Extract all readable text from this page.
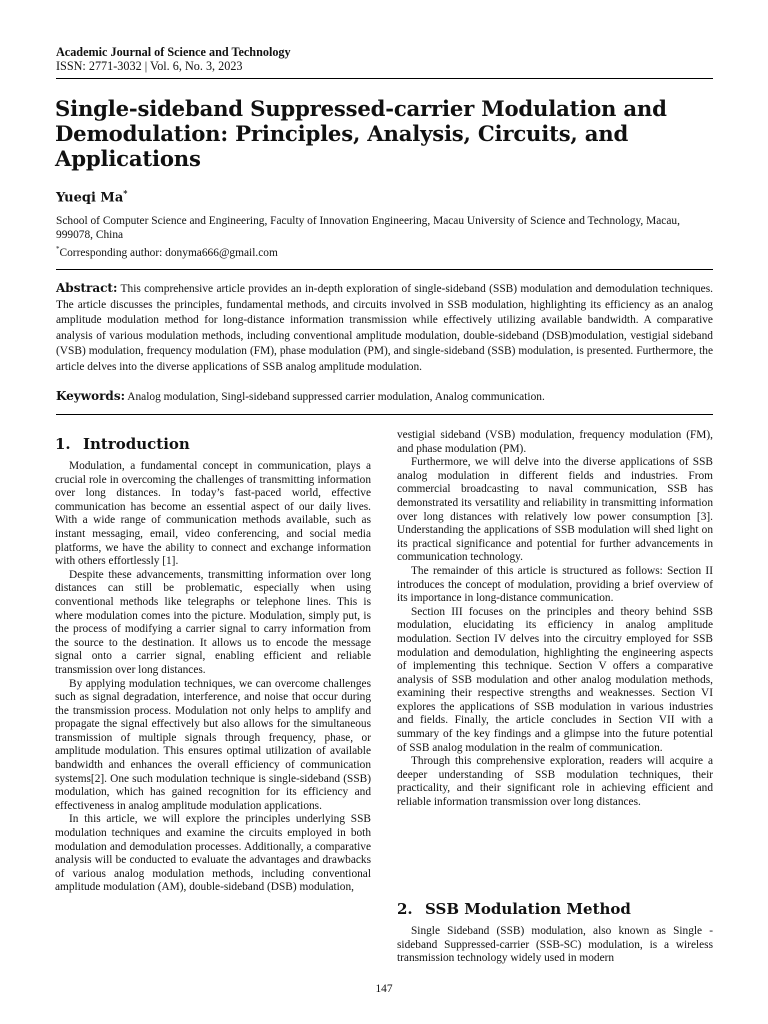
Academic Journal of Science and Technology
ISSN: 2771-3032 | Vol. 6, No. 3, 2023
Single-sideband Suppressed-carrier Modulation and Demodulation: Principles, Analysis, Circuits, and Applications
Yueqi Ma*

School of Computer Science and Engineering, Faculty of Innovation Engineering, Macau University of Science and Technology, Macau, 999078, China

*Corresponding author: donyma666@gmail.com

Abstract: This comprehensive article provides an in-depth exploration of single-sideband (SSB) modulation and demodulation techniques. The article discusses the principles, fundamental methods, and circuits involved in SSB modulation, highlighting its efficiency as an analog amplitude modulation method for long-distance information transmission while effectively utilizing available bandwidth. A comparative analysis of various modulation methods, including conventional amplitude modulation, double-sideband (DSB)modulation, vestigial sideband (VSB) modulation, frequency modulation (FM), phase modulation (PM), and single-sideband (SSB) modulation, is presented. Furthermore, the article delves into the diverse applications of SSB analog amplitude modulation.
Keywords: Analog modulation, Singl-sideband suppressed carrier modulation, Analog communication.
1. Introduction

Modulation, a fundamental concept in communication, plays a crucial role in overcoming the challenges of transmitting information over long distances. In today’s fast-paced world, effective communication has become an essential aspect of our daily lives. With a wide range of communication methods available, such as instant messaging, email, video conferencing, and social media platforms, we have the ability to connect and exchange information with others effortlessly [1].

Despite these advancements, transmitting information over long distances can still be problematic, especially when using conventional methods like telegraphs or telephone lines. This is where modulation comes into the picture. Modulation, simply put, is the process of modifying a carrier signal to carry information from the source to the destination. It allows us to encode the message signal onto a carrier signal, enabling efficient and reliable transmission over long distances.

By applying modulation techniques, we can overcome challenges such as signal degradation, interference, and noise that occur during the transmission process. Modulation not only helps to amplify and propagate the signal effectively but also allows for the simultaneous transmission of multiple signals through frequency, phase, or amplitude modulation. This ensures optimal utilization of available bandwidth and enhances the overall efficiency of communication systems[2]. One such modulation technique is single-sideband (SSB) modulation, which has gained recognition for its efficiency and effectiveness in analog amplitude modulation applications.

In this article, we will explore the principles underlying SSB modulation techniques and examine the circuits employed in both modulation and demodulation processes. Additionally, a comparative analysis will be conducted to evaluate the advantages and drawbacks of various analog modulation methods, including conventional amplitude modulation (AM), double-sideband (DSB) modulation,

vestigial sideband (VSB) modulation, frequency modulation (FM), and phase modulation (PM).

Furthermore, we will delve into the diverse applications of SSB analog modulation in different fields and industries. From commercial broadcasting to naval communication, SSB has demonstrated its versatility and reliability in transmitting information over long distances with relatively low power consumption [3]. Understanding the applications of SSB modulation will shed light on its practical significance and potential for further advancements in communication technology.

The remainder of this article is structured as follows: Section II introduces the concept of modulation, providing a brief overview of its importance in long-distance communication.

Section III focuses on the principles and theory behind SSB modulation, elucidating its efficiency in analog amplitude modulation. Section IV delves into the circuitry employed for SSB modulation and demodulation, highlighting the engineering aspects of implementing this technique. Section V offers a comparative analysis of SSB modulation and other analog modulation methods, examining their respective strengths and weaknesses. Section VI explores the applications of SSB modulation in various industries and fields. Finally, the article concludes in Section VII with a summary of the key findings and a glimpse into the future potential of SSB analog modulation in the realm of communication.

Through this comprehensive exploration, readers will acquire a deeper understanding of SSB modulation techniques, their practicality, and their significant role in achieving efficient and reliable information transmission over long distances.

2. SSB Modulation Method

Single Sideband (SSB) modulation, also known as Single -sideband Suppressed-carrier (SSB-SC) modulation, is a wireless transmission technology widely used in modern

147
